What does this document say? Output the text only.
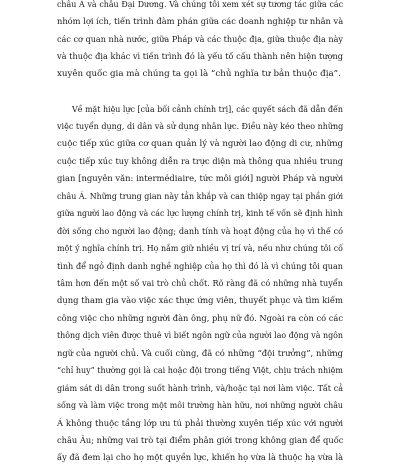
châu Á và châu Đại Dương. Và chúng tôi xem xét sự tương tác giữa các
nhóm lợi ích, tiến trình đàm phán giữa các doanh nghiệp tư nhân và
các cơ quan nhà nước, giữa Pháp và các thuộc địa, giữa thuộc địa này
và thuộc địa khác vì tiến trình đó là yếu tố cấu thành nên hiện tượng
xuyên quốc gia mà chúng ta gọi là “chủ nghĩa tư bản thuộc địa”.
Về mặt hiệu lực [của bối cảnh chính trị], các quyết sách đã dẫn đến
việc tuyển dụng, di dân và sử dụng nhân lực. Điều này kéo theo những
cuộc tiếp xúc giữa cơ quan quản lý và người lao động di cư, những
cuộc tiếp xúc tuy không diễn ra trực diện mà thông qua nhiều trung
gian [nguyên văn: intermédiaire, tức môi giới] người Pháp và người
châu Á. Những trung gian này tản khắp và can thiệp ngay tại phần giới
giữa người lao động và các lực lượng chính trị, kinh tế vốn sẽ định hình
đời sống cho người lao động; danh tính và hoạt động của họ vì thế có
một ý nghĩa chính trị. Họ nắm giữ nhiều vị trí và, nếu như chúng tôi cố
tình để ngỏ định danh nghề nghiệp của họ thì đó là vì chúng tôi quan
tâm hơn đến một số vai trò chủ chốt. Rõ ràng đã có những nhà tuyển
dụng tham gia vào việc xác thực ứng viên, thuyết phục và tìm kiếm
công việc cho những người đàn ông, phụ nữ đó. Ngoài ra còn có các
thông dịch viên được thuê vì biết ngôn ngữ của người lao động và ngôn
ngữ của người chủ. Và cuối cùng, đã có những “đội trưởng”, những
“chỉ huy” thường gọi là cai hoặc đội trong tiếng Việt, chịu trách nhiệm
giám sát di dân trong suốt hành trình, và/hoặc tại nơi làm việc. Tất cả
sống và làm việc trong một môi trường hàn hữu, nơi những người châu
Á không thuộc tầng lớp ưu tú phải thường xuyên tiếp xúc với người
châu Âu; những vai trò tại điểm phân giới trong không gian để quốc
ấy đã đem lại cho họ một quyền lực, khiến họ vừa là thuộc hạ vừa là
